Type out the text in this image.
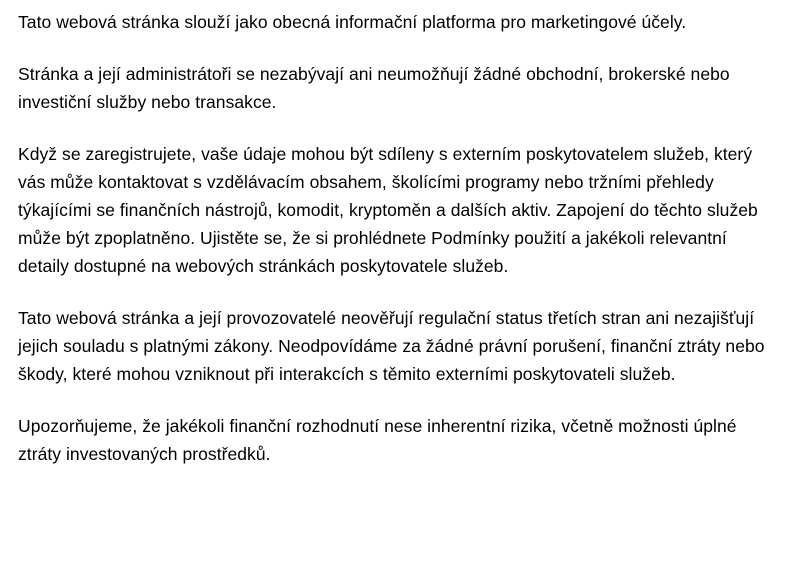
Tato webová stránka slouží jako obecná informační platforma pro marketingové účely.

Stránka a její administrátoři se nezabývají ani neumožňují žádné obchodní, brokerské nebo investiční služby nebo transakce.

Když se zaregistrujete, vaše údaje mohou být sdíleny s externím poskytovatelem služeb, který vás může kontaktovat s vzdělávacím obsahem, školícími programy nebo tržními přehledy týkajícími se finančních nástrojů, komodit, kryptoměn a dalších aktiv. Zapojení do těchto služeb může být zpoplatněno. Ujistěte se, že si prohlédnete Podmínky použití a jakékoli relevantní detaily dostupné na webových stránkách poskytovatele služeb.

Tato webová stránka a její provozovatelé neověřují regulační status třetích stran ani nezajišťují jejich souladu s platnými zákony. Neodpovídáme za žádné právní porušení, finanční ztráty nebo škody, které mohou vzniknout při interakcích s těmito externími poskytovateli služeb.

Upozorňujeme, že jakékoli finanční rozhodnutí nese inherentní rizika, včetně možnosti úplné ztráty investovaných prostředků.
